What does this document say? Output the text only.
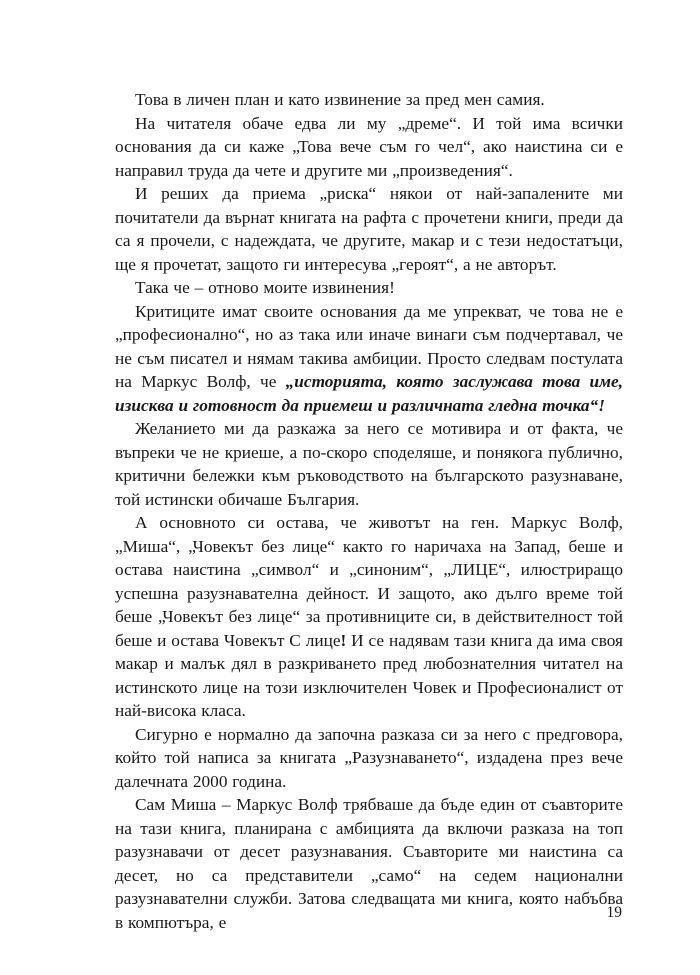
Това в личен план и като извинение за пред мен самия.

На читателя обаче едва ли му „дреме“. И той има всички основания да си каже „Това вече съм го чел“, ако наистина си е направил труда да чете и другите ми „произведения“.

И реших да приема „риска“ някои от най-запалените ми почитатели да върнат книгата на рафта с прочетени книги, преди да са я прочели, с надеждата, че другите, макар и с тези недостатъци, ще я прочетат, защото ги интересува „героят“, а не авторът.

Така че – отново моите извинения!

Критиците имат своите основания да ме упрекват, че това не е „професионално“, но аз така или иначе винаги съм подчертавал, че не съм писател и нямам такива амбиции. Просто следвам постулата на Маркус Волф, че „историята, която заслужава това име, изисква и готовност да приемеш и различната гледна точка“!

Желанието ми да разкажа за него се мотивира и от факта, че въпреки че не криеше, а по-скоро споделяше, и понякога публично, критични бележки към ръководството на българското разузнаване, той истински обичаше България.

А основното си остава, че животът на ген. Маркус Волф, „Миша“, „Човекът без лице“ както го наричаха на Запад, беше и остава наистина „символ“ и „синоним“, „ЛИЦЕ“, илюстриращо успешна разузнавателна дейност. И защото, ако дълго време той беше „Човекът без лице“ за противниците си, в действителност той беше и остава Човекът С лице! И се надявам тази книга да има своя макар и малък дял в разкриването пред любознателния читател на истинското лице на този изключителен Човек и Професионалист от най-висока класа.

Сигурно е нормално да започна разказа си за него с предговора, който той написа за книгата „Разузнаването“, издадена през вече далечната 2000 година.

Сам Миша – Маркус Волф трябваше да бъде един от съавторите на тази книга, планирана с амбицията да включи разказа на топ разузнавачи от десет разузнавания. Съавторите ми наистина са десет, но са представители „само“ на седем национални разузнавателни служби. Затова следващата ми книга, която набъбва в компютъра, е	19
